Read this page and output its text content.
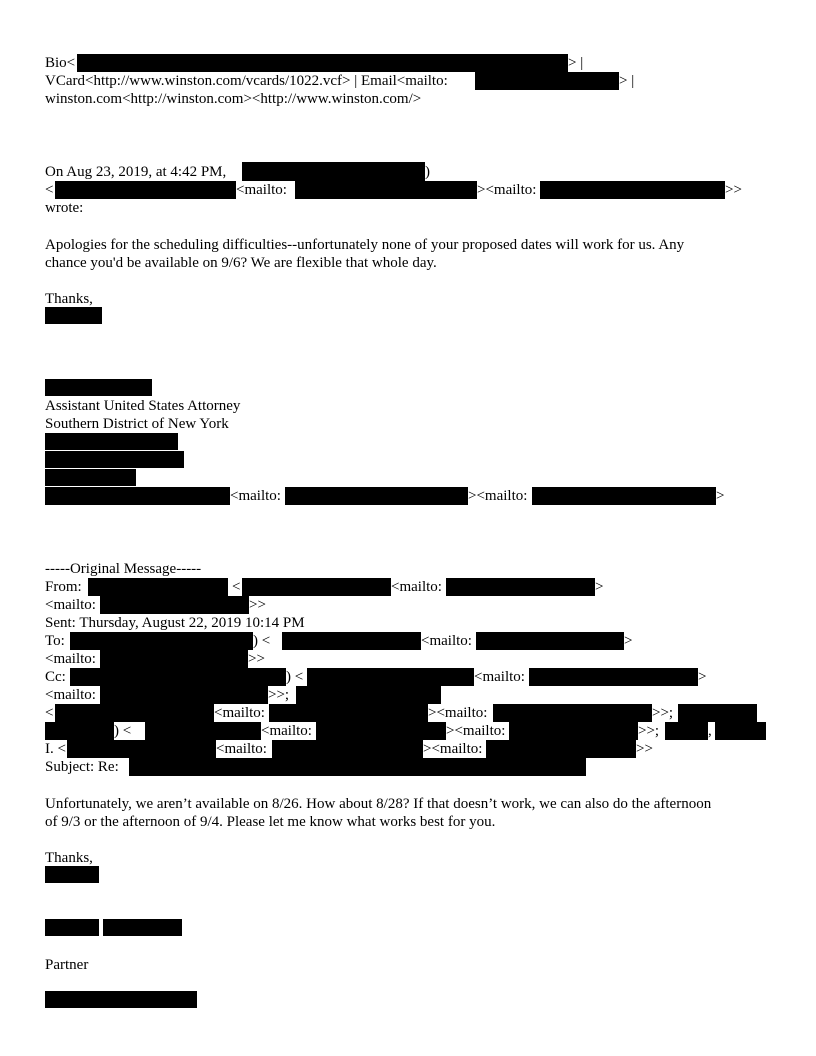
Bio<	> |
VCard<http://www.winston.com/vcards/1022.vcf> | Email<mailto:	> |
winston.com<http://winston.com><http://www.winston.com/>
On Aug 23, 2019, at 4:42 PM,	)
<	<mailto:	><mailto:	>>
wrote:
Apologies for the scheduling difficulties--unfortunately none of your proposed dates will work for us. Any
chance you'd be available on 9/6? We are flexible that whole day.
Thanks,
Assistant United States Attorney
Southern District of New York
<mailto:	><mailto:	>
-----Original Message-----
From:	<	<mailto:	>
<mailto:	>>
Sent: Thursday, August 22, 2019 10:14 PM
To:	) <	<mailto:	>
<mailto:	>>
Cc:	) <	<mailto:	>
<mailto:	>>;
<	<mailto:	><mailto:	>>;
) <	<mailto:	><mailto:	>>;	,
I. <	<mailto:	><mailto:	>>
Subject: Re:
Unfortunately, we aren’t available on 8/26. How about 8/28? If that doesn’t work, we can also do the afternoon
of 9/3 or the afternoon of 9/4. Please let me know what works best for you.
Thanks,
Partner
